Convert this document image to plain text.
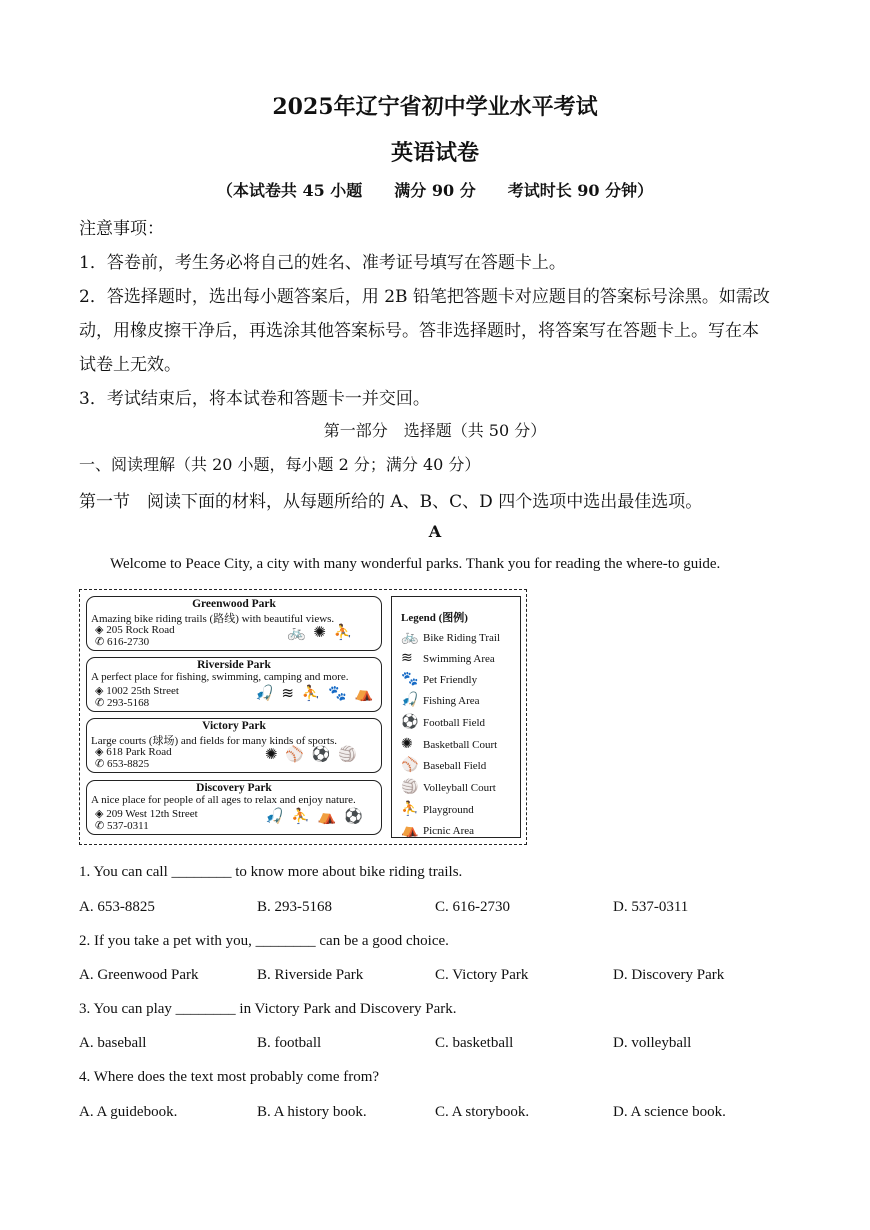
2025年辽宁省初中学业水平考试
英语试卷
（本试卷共 45 小题　　满分 90 分　　考试时长 90 分钟）
注意事项：
1．答卷前，考生务必将自己的姓名、准考证号填写在答题卡上。
2．答选择题时，选出每小题答案后，用 2B 铅笔把答题卡对应题目的答案标号涂黑。如需改
动，用橡皮擦干净后，再选涂其他答案标号。答非选择题时，将答案写在答题卡上。写在本
试卷上无效。
3．考试结束后，将本试卷和答题卡一并交回。
第一部分　选择题（共 50 分）
一、阅读理解（共 20 小题，每小题 2 分；满分 40 分）
第一节　阅读下面的材料，从每题所给的 A、B、C、D 四个选项中选出最佳选项。
A
Welcome to Peace City, a city with many wonderful parks. Thank you for reading the where-to guide.
Greenwood Park
Amazing bike riding trails (路线) with beautiful views.
◈ 205 Rock Road
✆ 616-2730
🚲 ✺ ⛹
Riverside Park
A perfect place for fishing, swimming, camping and more.
◈ 1002 25th Street
✆ 293-5168
🎣 ≋ ⛹ 🐾 ⛺
Victory Park
Large courts (球场) and fields for many kinds of sports.
◈ 618 Park Road
✆ 653-8825
✺ ⚾ ⚽ 🏐
Discovery Park
A nice place for people of all ages to relax and enjoy nature.
◈ 209 West 12th Street
✆ 537-0311
🎣 ⛹ ⛺ ⚽
Legend (图例)
🚲 Bike Riding Trail
≋ Swimming Area
🐾 Pet Friendly
🎣 Fishing Area
⚽ Football Field
✺ Basketball Court
⚾ Baseball Field
🏐 Volleyball Court
⛹ Playground
⛺ Picnic Area
1. You can call ________ to know more about bike riding trails.
A. 653-8825	B. 293-5168	C. 616-2730	D. 537-0311
2. If you take a pet with you, ________ can be a good choice.
A. Greenwood Park	B. Riverside Park	C. Victory Park	D. Discovery Park
3. You can play ________ in Victory Park and Discovery Park.
A. baseball	B. football	C. basketball	D. volleyball
4. Where does the text most probably come from?
A. A guidebook.	B. A history book.	C. A storybook.	D. A science book.
